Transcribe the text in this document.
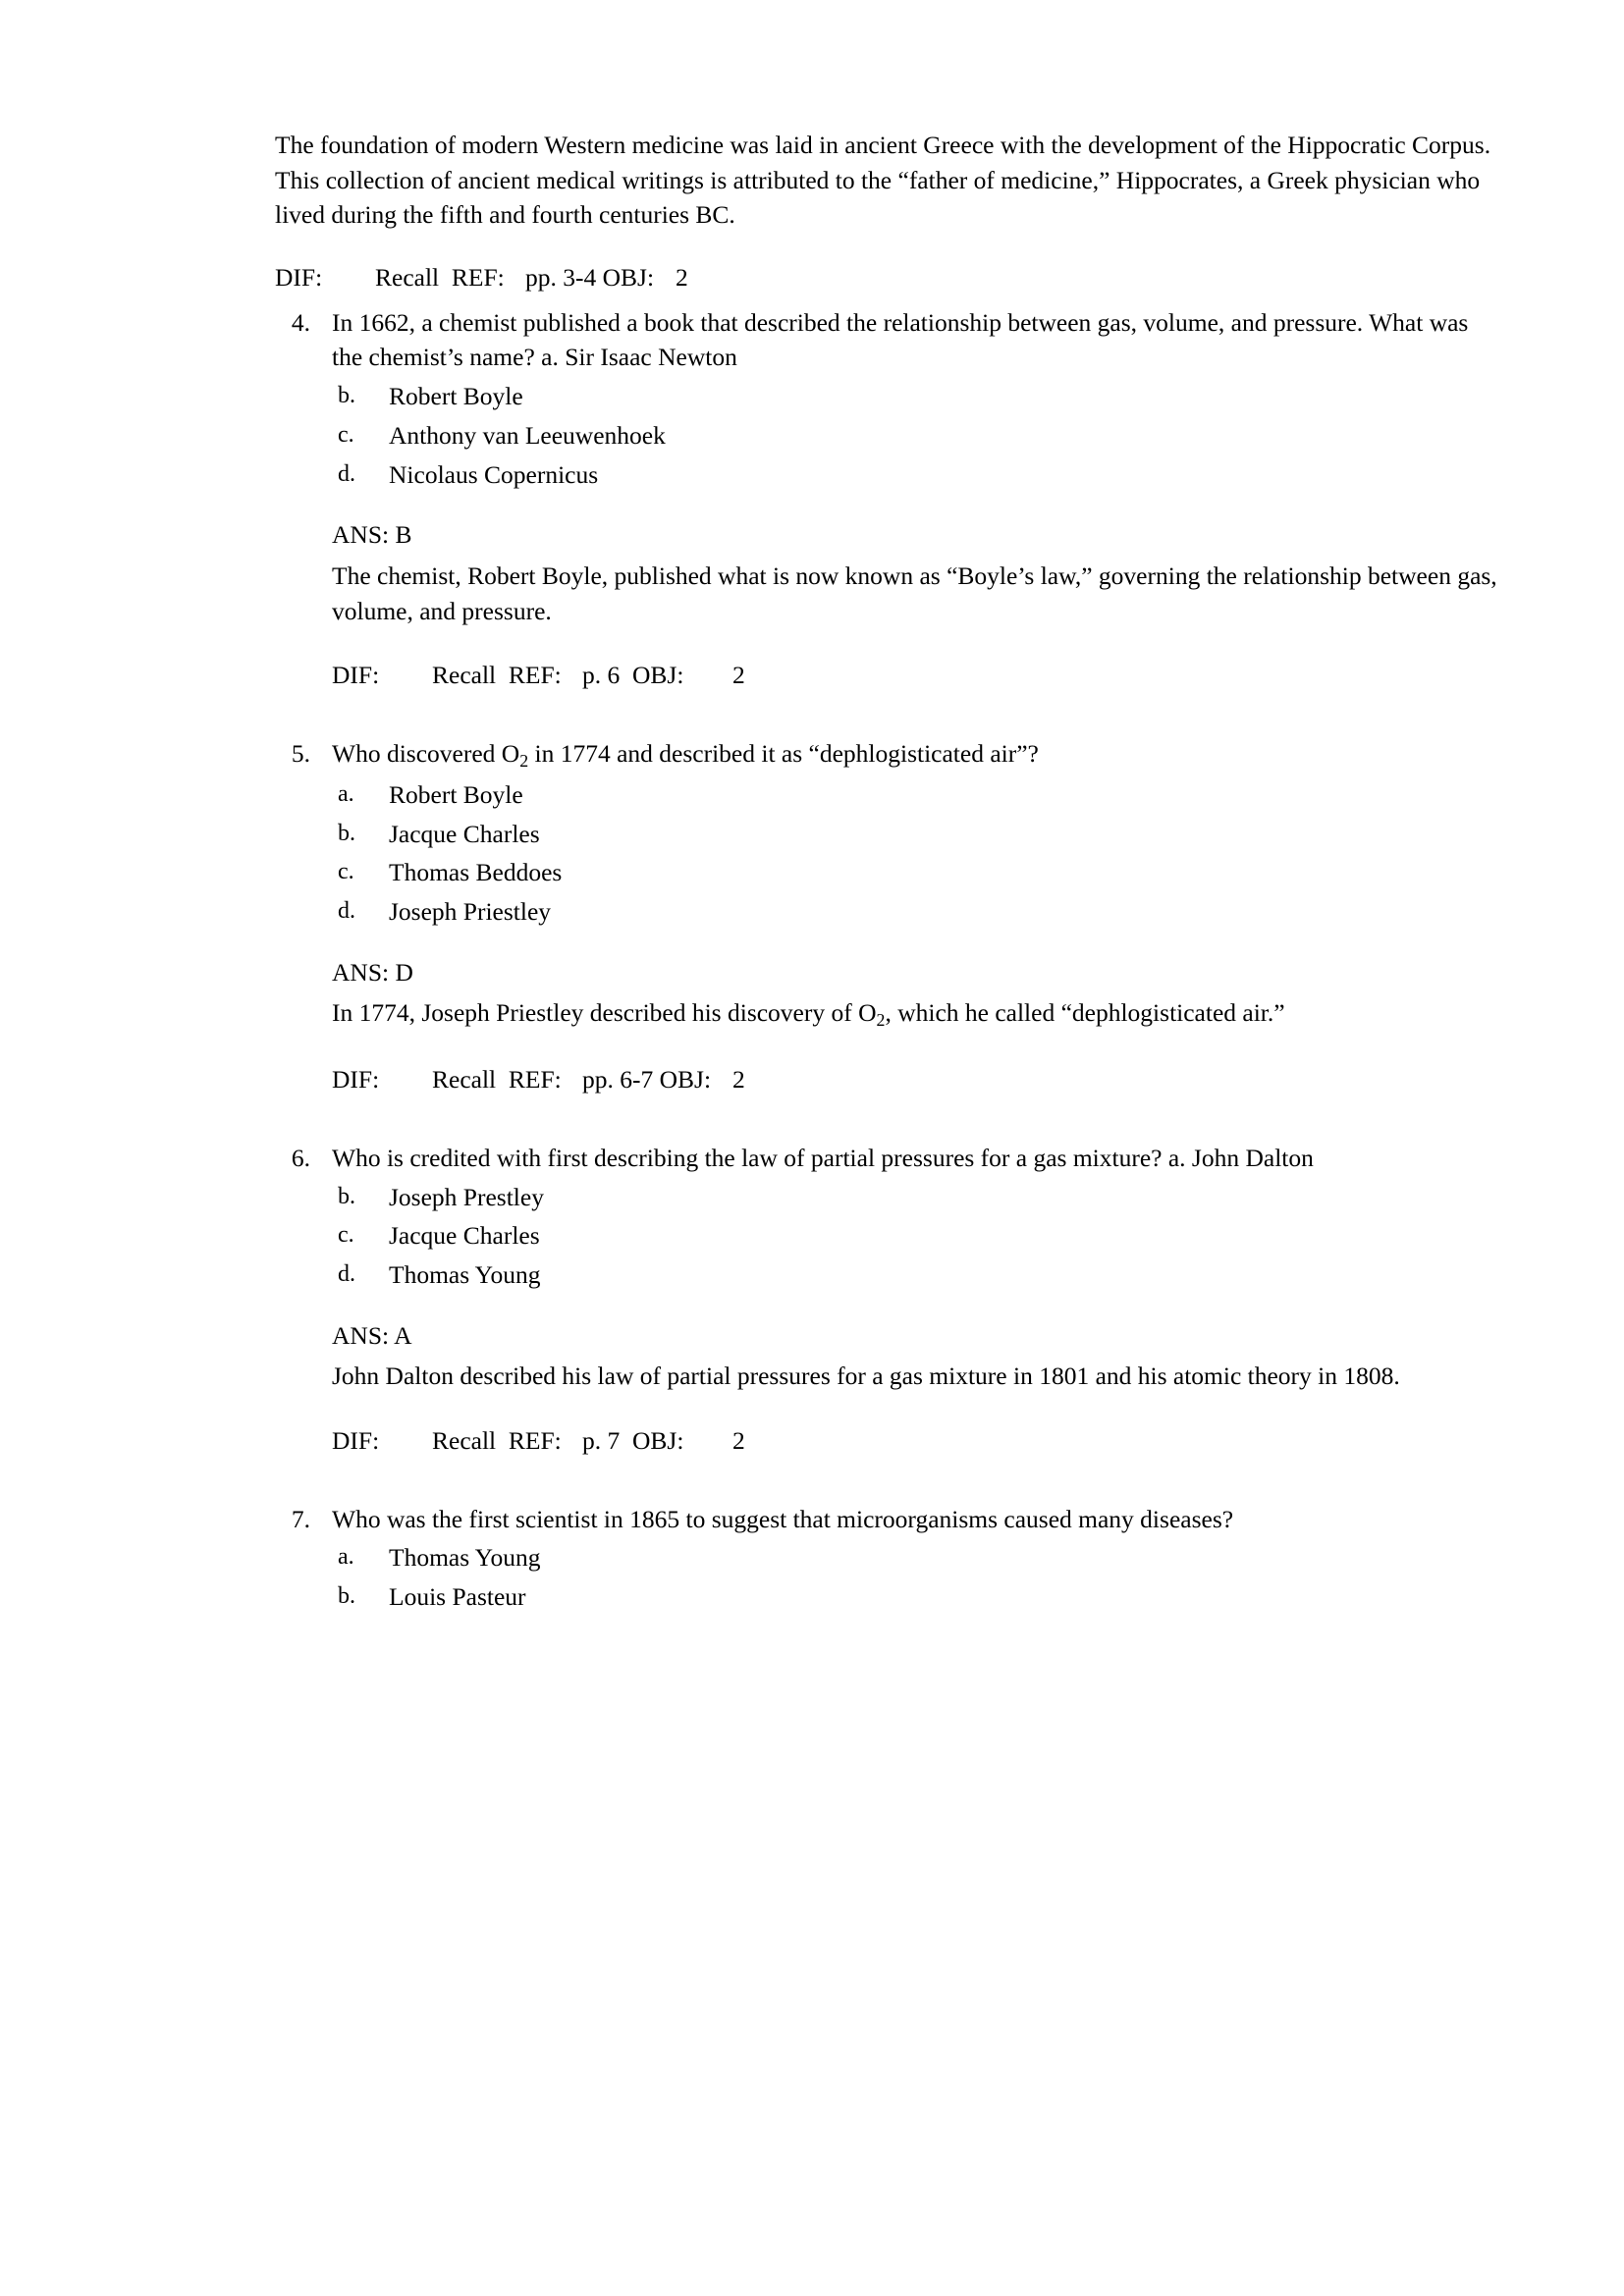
The foundation of modern Western medicine was laid in ancient Greece with the development of the Hippocratic Corpus. This collection of ancient medical writings is attributed to the “father of medicine,” Hippocrates, a Greek physician who lived during the fifth and fourth centuries BC.

DIF:	Recall  REF:	pp. 3-4 OBJ:	2
4. In 1662, a chemist published a book that described the relationship between gas, volume, and pressure. What was the chemist’s name? a. Sir Isaac Newton
b.	Robert Boyle
c.	Anthony van Leeuwenhoek
d.	Nicolaus Copernicus
ANS: B
The chemist, Robert Boyle, published what is now known as “Boyle’s law,” governing the relationship between gas, volume, and pressure.
DIF:	Recall  REF:	p. 6	OBJ:	2
5. Who discovered $O_2$ in 1774 and described it as “dephlogisticated air”?
a.	Robert Boyle
b.	Jacque Charles
c.	Thomas Beddoes
d.	Joseph Priestley
ANS: D
In 1774, Joseph Priestley described his discovery of $O_2$, which he called “dephlogisticated air.”
DIF:	Recall  REF:	pp. 6-7 OBJ:	2
6. Who is credited with first describing the law of partial pressures for a gas mixture? a. John Dalton
b.	Joseph Prestley
c.	Jacque Charles
d.	Thomas Young
ANS: A
John Dalton described his law of partial pressures for a gas mixture in 1801 and his atomic theory in 1808.
DIF:	Recall  REF:	p. 7	OBJ:	2
7. Who was the first scientist in 1865 to suggest that microorganisms caused many diseases?
a.	Thomas Young
b.	Louis Pasteur
